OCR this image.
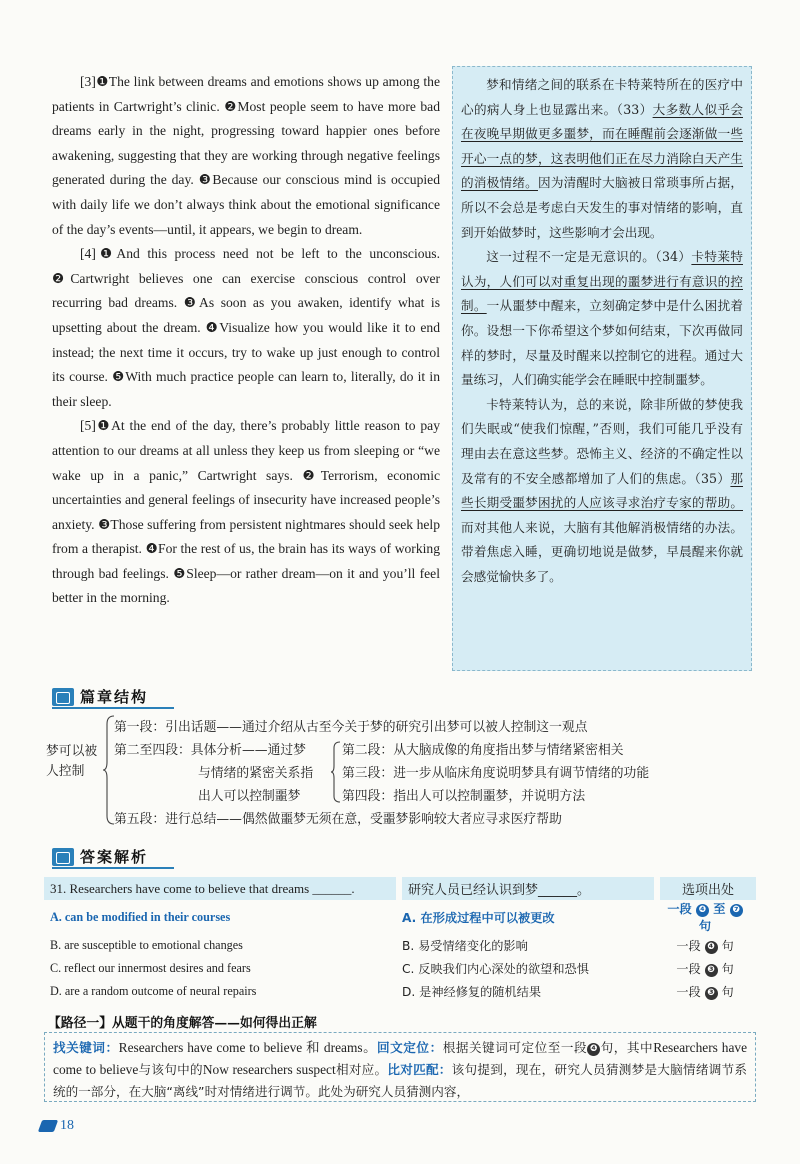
[3]❶The link between dreams and emotions shows up among the patients in Cartwright’s clinic. ❷Most people seem to have more bad dreams early in the night, progressing toward happier ones before awakening, suggesting that they are working through negative feelings generated during the day. ❸Because our conscious mind is occupied with daily life we don’t always think about the emotional significance of the day’s events—until, it appears, we begin to dream.

[4]❶And this process need not be left to the unconscious. ❷Cartwright believes one can exercise conscious control over recurring bad dreams. ❸As soon as you awaken, identify what is upsetting about the dream. ❹Visualize how you would like it to end instead; the next time it occurs, try to wake up just enough to control its course. ❺With much practice people can learn to, literally, do it in their sleep.

[5]❶At the end of the day, there’s probably little reason to pay attention to our dreams at all unless they keep us from sleeping or “we wake up in a panic,” Cartwright says. ❷Terrorism, economic uncertainties and general feelings of insecurity have increased people’s anxiety. ❸Those suffering from persistent nightmares should seek help from a therapist. ❹For the rest of us, the brain has its ways of working through bad feelings. ❺Sleep—or rather dream—on it and you’ll feel better in the morning.

梦和情绪之间的联系在卡特莱特所在的医疗中心的病人身上也显露出来。（33）大多数人似乎会在夜晚早期做更多噩梦，而在睡醒前会逐渐做一些开心一点的梦，这表明他们正在尽力消除白天产生的消极情绪。因为清醒时大脑被日常琐事所占据，所以不会总是考虑白天发生的事对情绪的影响，直到开始做梦时，这些影响才会出现。

这一过程不一定是无意识的。（34）卡特莱特认为，人们可以对重复出现的噩梦进行有意识的控制。一从噩梦中醒来，立刻确定梦中是什么困扰着你。设想一下你希望这个梦如何结束，下次再做同样的梦时，尽量及时醒来以控制它的进程。通过大量练习，人们确实能学会在睡眠中控制噩梦。

卡特莱特认为，总的来说，除非所做的梦使我们失眠或“使我们惊醒，”否则，我们可能几乎没有理由去在意这些梦。恐怖主义、经济的不确定性以及常有的不安全感都增加了人们的焦虑。（35）那些长期受噩梦困扰的人应该寻求治疗专家的帮助。而对其他人来说，大脑有其他解消极情绪的办法。带着焦虑入睡，更确切地说是做梦，早晨醒来你就会感觉愉快多了。

篇章结构
梦可以被人控制
第一段：引出话题——通过介绍从古至今关于梦的研究引出梦可以被人控制这一观点
第二至四段：具体分析——通过梦
与情绪的紧密关系指
出人可以控制噩梦
第二段：从大脑成像的角度指出梦与情绪紧密相关
第三段：进一步从临床角度说明梦具有调节情绪的功能
第四段：指出人可以控制噩梦，并说明方法
第五段：进行总结——偶然做噩梦无须在意，受噩梦影响较大者应寻求医疗帮助
答案解析
31. Researchers have come to believe that dreams ______.	研究人员已经认识到梦______。	选项出处
A. can be modified in their courses	A. 在形成过程中可以被更改	一段 ❹ 至 ❼ 句
B. are susceptible to emotional changes	B. 易受情绪变化的影响	一段 ❹ 句
C. reflect our innermost desires and fears	C. 反映我们内心深处的欲望和恐惧	一段 ❸ 句
D. are a random outcome of neural repairs	D. 是神经修复的随机结果	一段 ❸ 句
【路径一】从题干的角度解答——如何得出正解
找关键词：Researchers have come to believe 和 dreams。回文定位：根据关键词可定位至一段 ❹ 句，其中Researchers have come to believe与该句中的Now researchers suspect相对应。比对匹配：该句提到，现在，研究人员猜测梦是大脑情绪调节系统的一部分，在大脑“离线”时对情绪进行调节。此处为研究人员猜测内容，
18
